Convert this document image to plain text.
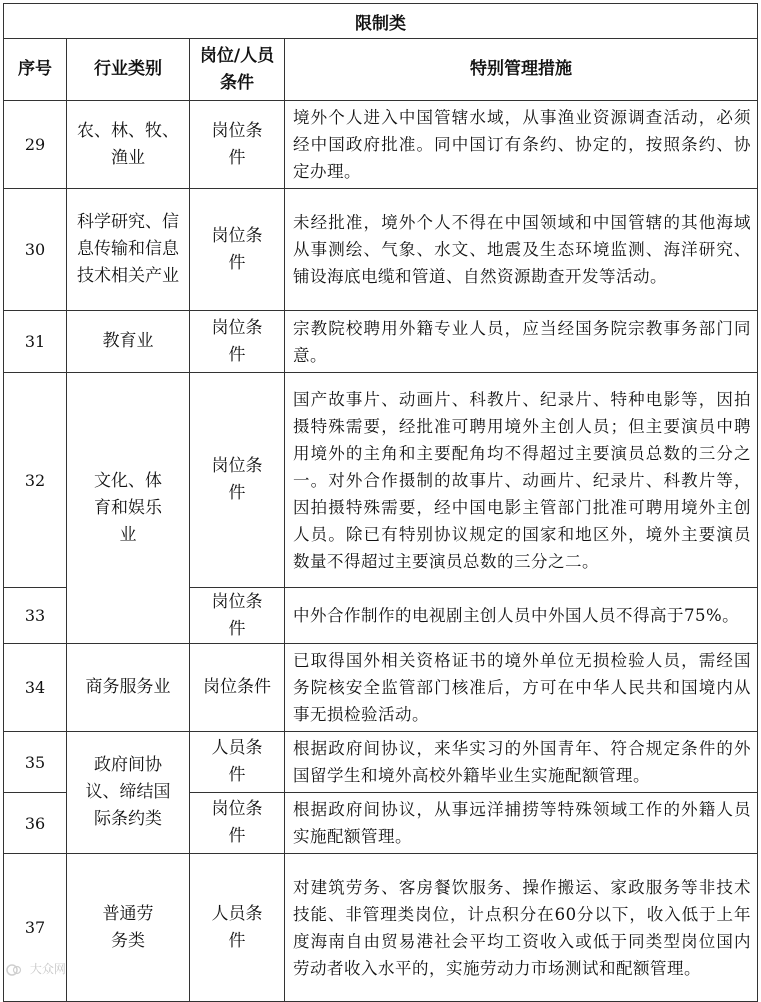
限制类			
序号	行业类别	岗位/人员条件	特别管理措施
29	农、林、牧、渔业	岗位条件	境外个人进入中国管辖水域，从事渔业资源调查活动，必须经中国政府批准。同中国订有条约、协定的，按照条约、协定办理。
30	科学研究、信息传输和信息技术相关产业	岗位条件	未经批准，境外个人不得在中国领域和中国管辖的其他海域从事测绘、气象、水文、地震及生态环境监测、海洋研究、铺设海底电缆和管道、自然资源勘查开发等活动。
31	教育业	岗位条件	宗教院校聘用外籍专业人员，应当经国务院宗教事务部门同意。
32	文化、体育和娱乐业	岗位条件	国产故事片、动画片、科教片、纪录片、特种电影等，因拍摄特殊需要，经批准可聘用境外主创人员；但主要演员中聘用境外的主角和主要配角均不得超过主要演员总数的三分之一。对外合作摄制的故事片、动画片、纪录片、科教片等，因拍摄特殊需要，经中国电影主管部门批准可聘用境外主创人员。除已有特别协议规定的国家和地区外，境外主要演员数量不得超过主要演员总数的三分之二。
33		岗位条件	中外合作制作的电视剧主创人员中外国人员不得高于75%。
34	商务服务业	岗位条件	已取得国外相关资格证书的境外单位无损检验人员，需经国务院核安全监管部门核准后，方可在中华人民共和国境内从事无损检验活动。
35	政府间协议、缔结国际条约类	人员条件	根据政府间协议，来华实习的外国青年、符合规定条件的外国留学生和境外高校外籍毕业生实施配额管理。
36		岗位条件	根据政府间协议，从事远洋捕捞等特殊领域工作的外籍人员实施配额管理。
37	普通劳务类	人员条件	对建筑劳务、客房餐饮服务、操作搬运、家政服务等非技术技能、非管理类岗位，计点积分在60分以下，收入低于上年度海南自由贸易港社会平均工资收入或低于同类型岗位国内劳动者收入水平的，实施劳动力市场测试和配额管理。
大众网
